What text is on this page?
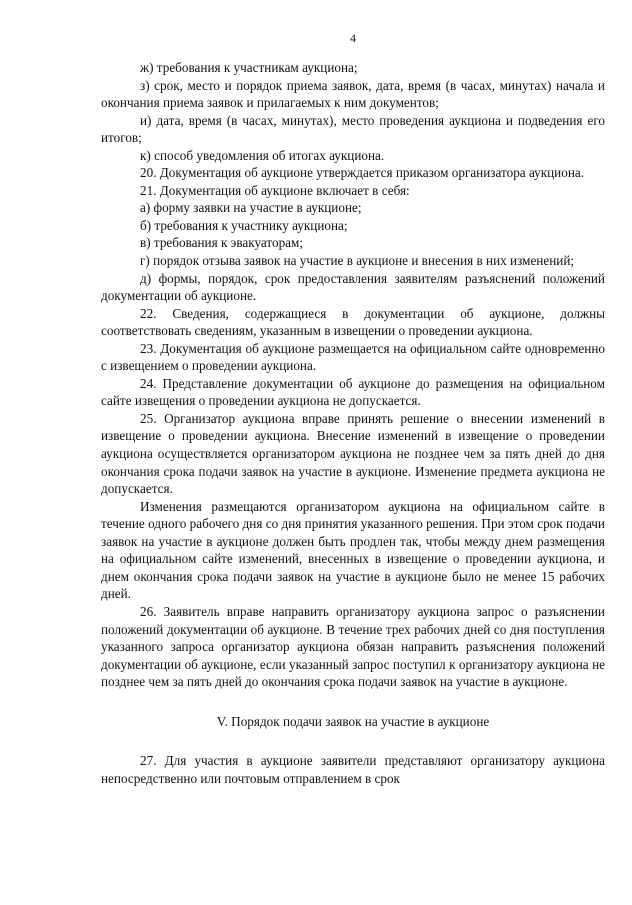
4

ж) требования к участникам аукциона;

з) срок, место и порядок приема заявок, дата, время (в часах, минутах) начала и окончания приема заявок и прилагаемых к ним документов;

и) дата, время (в часах, минутах), место проведения аукциона и подведения его итогов;

к) способ уведомления об итогах аукциона.

20. Документация об аукционе утверждается приказом организатора аукциона.

21. Документация об аукционе включает в себя:

а) форму заявки на участие в аукционе;

б) требования к участнику аукциона;

в) требования к эвакуаторам;

г) порядок отзыва заявок на участие в аукционе и внесения в них изменений;

д) формы, порядок, срок предоставления заявителям разъяснений положений документации об аукционе.

22. Сведения, содержащиеся в документации об аукционе, должны соответствовать сведениям, указанным в извещении о проведении аукциона.

23. Документация об аукционе размещается на официальном сайте одновременно с извещением о проведении аукциона.

24. Представление документации об аукционе до размещения на официальном сайте извещения о проведении аукциона не допускается.

25. Организатор аукциона вправе принять решение о внесении изменений в извещение о проведении аукциона. Внесение изменений в извещение о проведении аукциона осуществляется организатором аукциона не позднее чем за пять дней до дня окончания срока подачи заявок на участие в аукционе. Изменение предмета аукциона не допускается.

Изменения размещаются организатором аукциона на официальном сайте в течение одного рабочего дня со дня принятия указанного решения. При этом срок подачи заявок на участие в аукционе должен быть продлен так, чтобы между днем размещения на официальном сайте изменений, внесенных в извещение о проведении аукциона, и днем окончания срока подачи заявок на участие в аукционе было не менее 15 рабочих дней.

26. Заявитель вправе направить организатору аукциона запрос о разъяснении положений документации об аукционе. В течение трех рабочих дней со дня поступления указанного запроса организатор аукциона обязан направить разъяснения положений документации об аукционе, если указанный запрос поступил к организатору аукциона не позднее чем за пять дней до окончания срока подачи заявок на участие в аукционе.

V. Порядок подачи заявок на участие в аукционе

27. Для участия в аукционе заявители представляют организатору аукциона непосредственно или почтовым отправлением в срок
